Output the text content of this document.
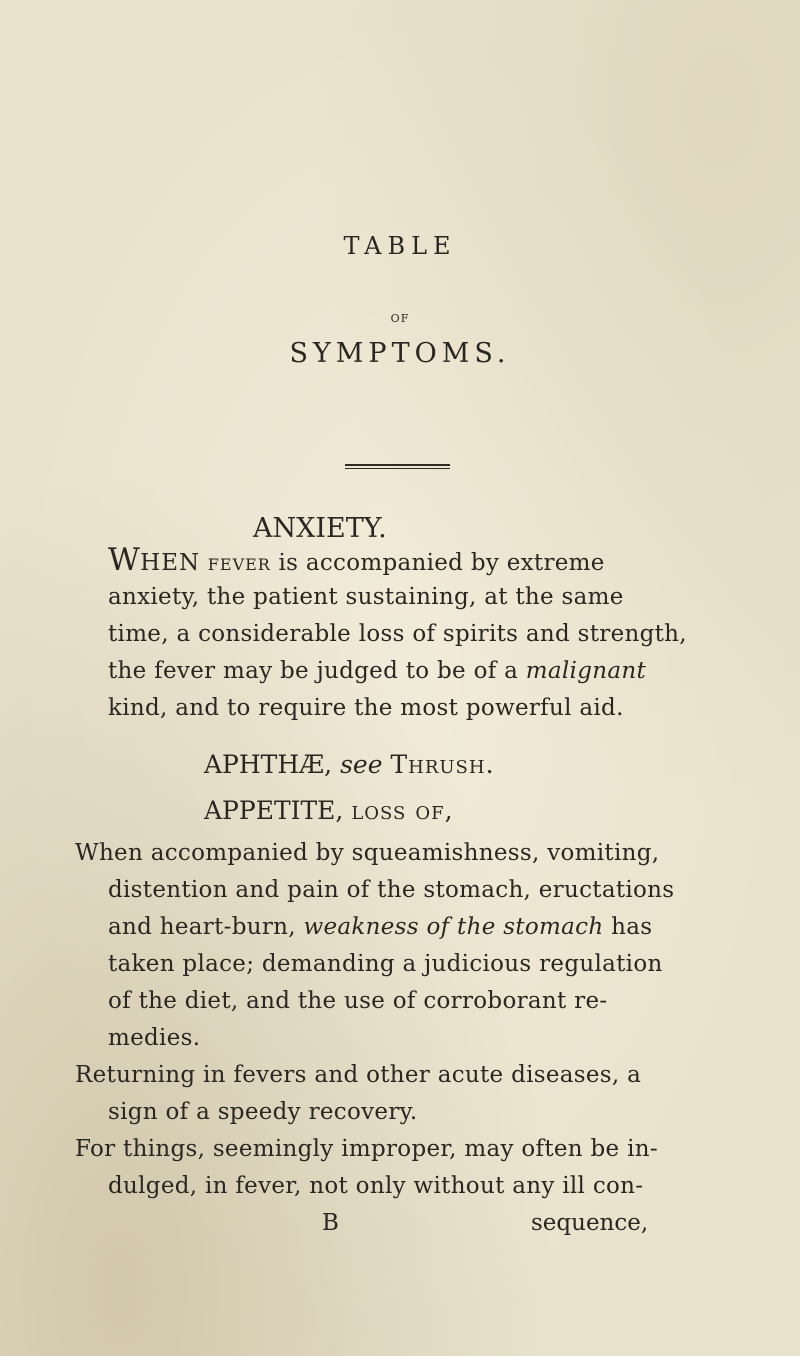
TABLE
OF
SYMPTOMS.
ANXIETY.
WHEN fever is accompanied by extreme
anxiety, the patient sustaining, at the same
time, a considerable loss of spirits and strength,
the fever may be judged to be of a malignant
kind, and to require the most powerful aid.
APHTHÆ, see Thrush.
APPETITE, loss of,
When accompanied by squeamishness, vomiting,
distention and pain of the stomach, eructations
and heart-burn, weakness of the stomach has
taken place; demanding a judicious regulation
of the diet, and the use of corroborant re-
medies.
Returning in fevers and other acute diseases, a
sign of a speedy recovery.
For things, seemingly improper, may often be in-
dulged, in fever, not only without any ill con-
B	sequence,
